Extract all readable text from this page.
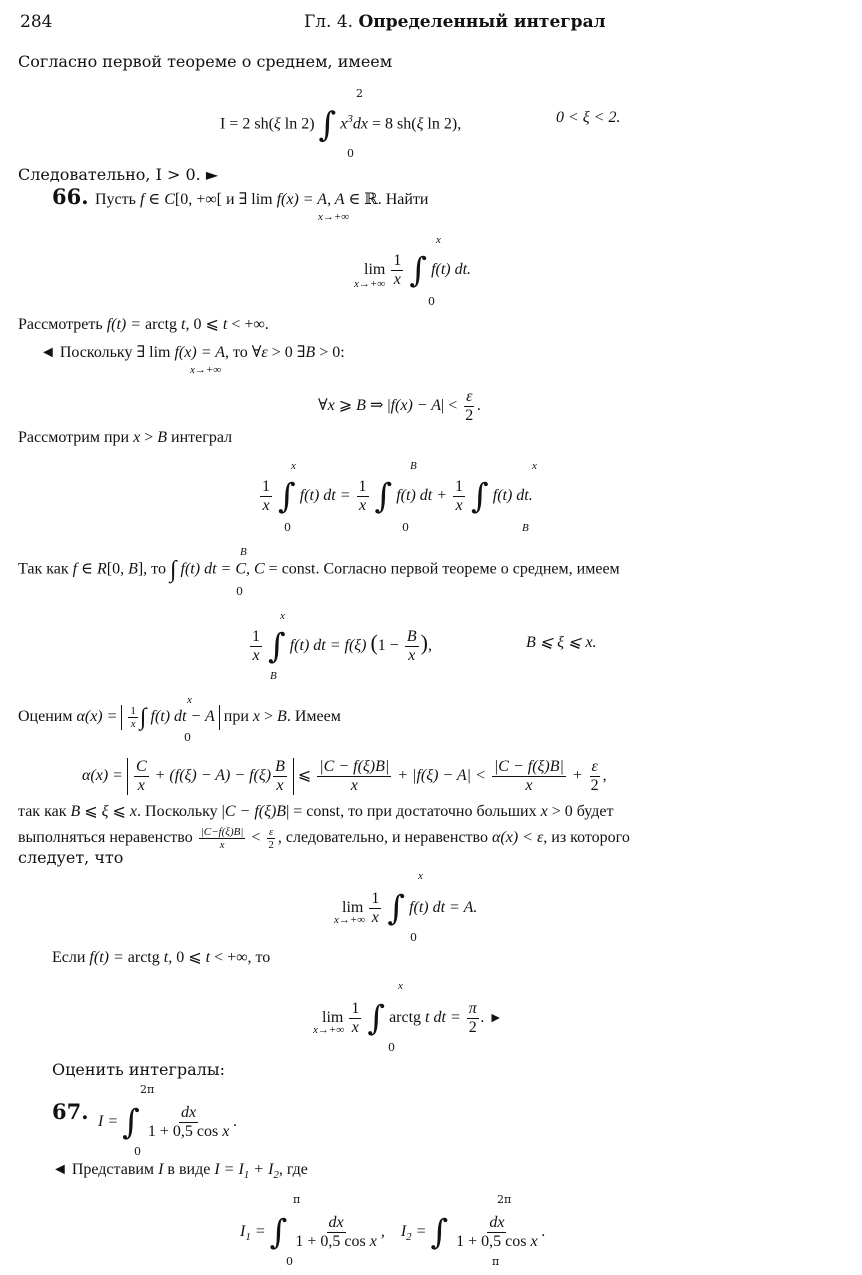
284	Гл. 4. Определенный интеграл
Согласно первой теореме о среднем, имеем
I = 2 sh(ξ ln 2) ∫ $x^3dx = 8$ sh(ξ ln 2),
2
0
0 < ξ < 2.
Следовательно, I > 0. ►
66. Пусть f ∈ C[0, +∞[ и ∃ lim f(x) = A, A ∈ ℝ. Найти
x→+∞
$\lim \frac{1}{x}$ ∫ f(t) dt.
x→+∞
x
0
Рассмотреть f(t) = arctg t, 0 ⩽ t < +∞.
◄ Поскольку ∃ lim f(x) = A, то ∀ε > 0 ∃B > 0:
x→+∞
∀x ⩾ B ⇒ $|f(x) - A| < \frac{\varepsilon}{2}$ .
Рассмотрим при x > B интеграл
$\frac{1}{x}$ ∫ f(t) dt = $\frac{1}{x}$ ∫ f(t) dt + $\frac{1}{x}$ ∫ f(t) dt.
x
0
B
0
x
B
Так как f ∈ R[0, B], то ∫ f(t) dt = C, C = const. Согласно первой теореме о среднем, имеем
B
0
$\frac{1}{x}$ ∫ f(t) dt = f(ξ) ($1 - \frac{B}{x}$ ),
x
B
B ⩽ ξ ⩽ x.
Оценим $\alpha(x) = \frac{1}{x}$ ∫ f(t) dt − A при x > B. Имеем
x
0
$\alpha(x) = \frac{C}{x} + (f(\xi) - A) - f(\xi) \frac{B}{x}$ ⩽ $\frac{|C - f(\xi)B|}{x} + |f(\xi) - A| < \frac{|C - f(\xi)B|}{x} + \frac{\varepsilon}{2}$ ,
так как B ⩽ ξ ⩽ x. Поскольку |C − f(ξ)B| = const, то при достаточно больших x > 0 будет
выполняться неравенство $\frac{|C-f(\xi)B|}{x} < \frac{\varepsilon}{2}$ , следовательно, и неравенство α(x) < ε, из которого
следует, что
$\lim \frac{1}{x}$ ∫ f(t) dt = A.
x→+∞
x
0
Если f(t) = arctg t, 0 ⩽ t < +∞, то
$\lim \frac{1}{x}$ ∫ arctg t dt = $\frac{\pi}{2}$ . ►
x→+∞
x
0
Оценить интегралы:
67. I = ∫ $\frac{dx}{\text{1 + 0,5 cos x}}$ .
2π
0
◄ Представим I в виде $I = I_1 + I_2$, где
$I_1$ = ∫ $\frac{dx}{\text{1 + 0,5 cos x}}$ ,    $I_2$ = ∫ $\frac{dx}{\text{1 + 0,5 cos x}}$ .
π
0
2π
π
